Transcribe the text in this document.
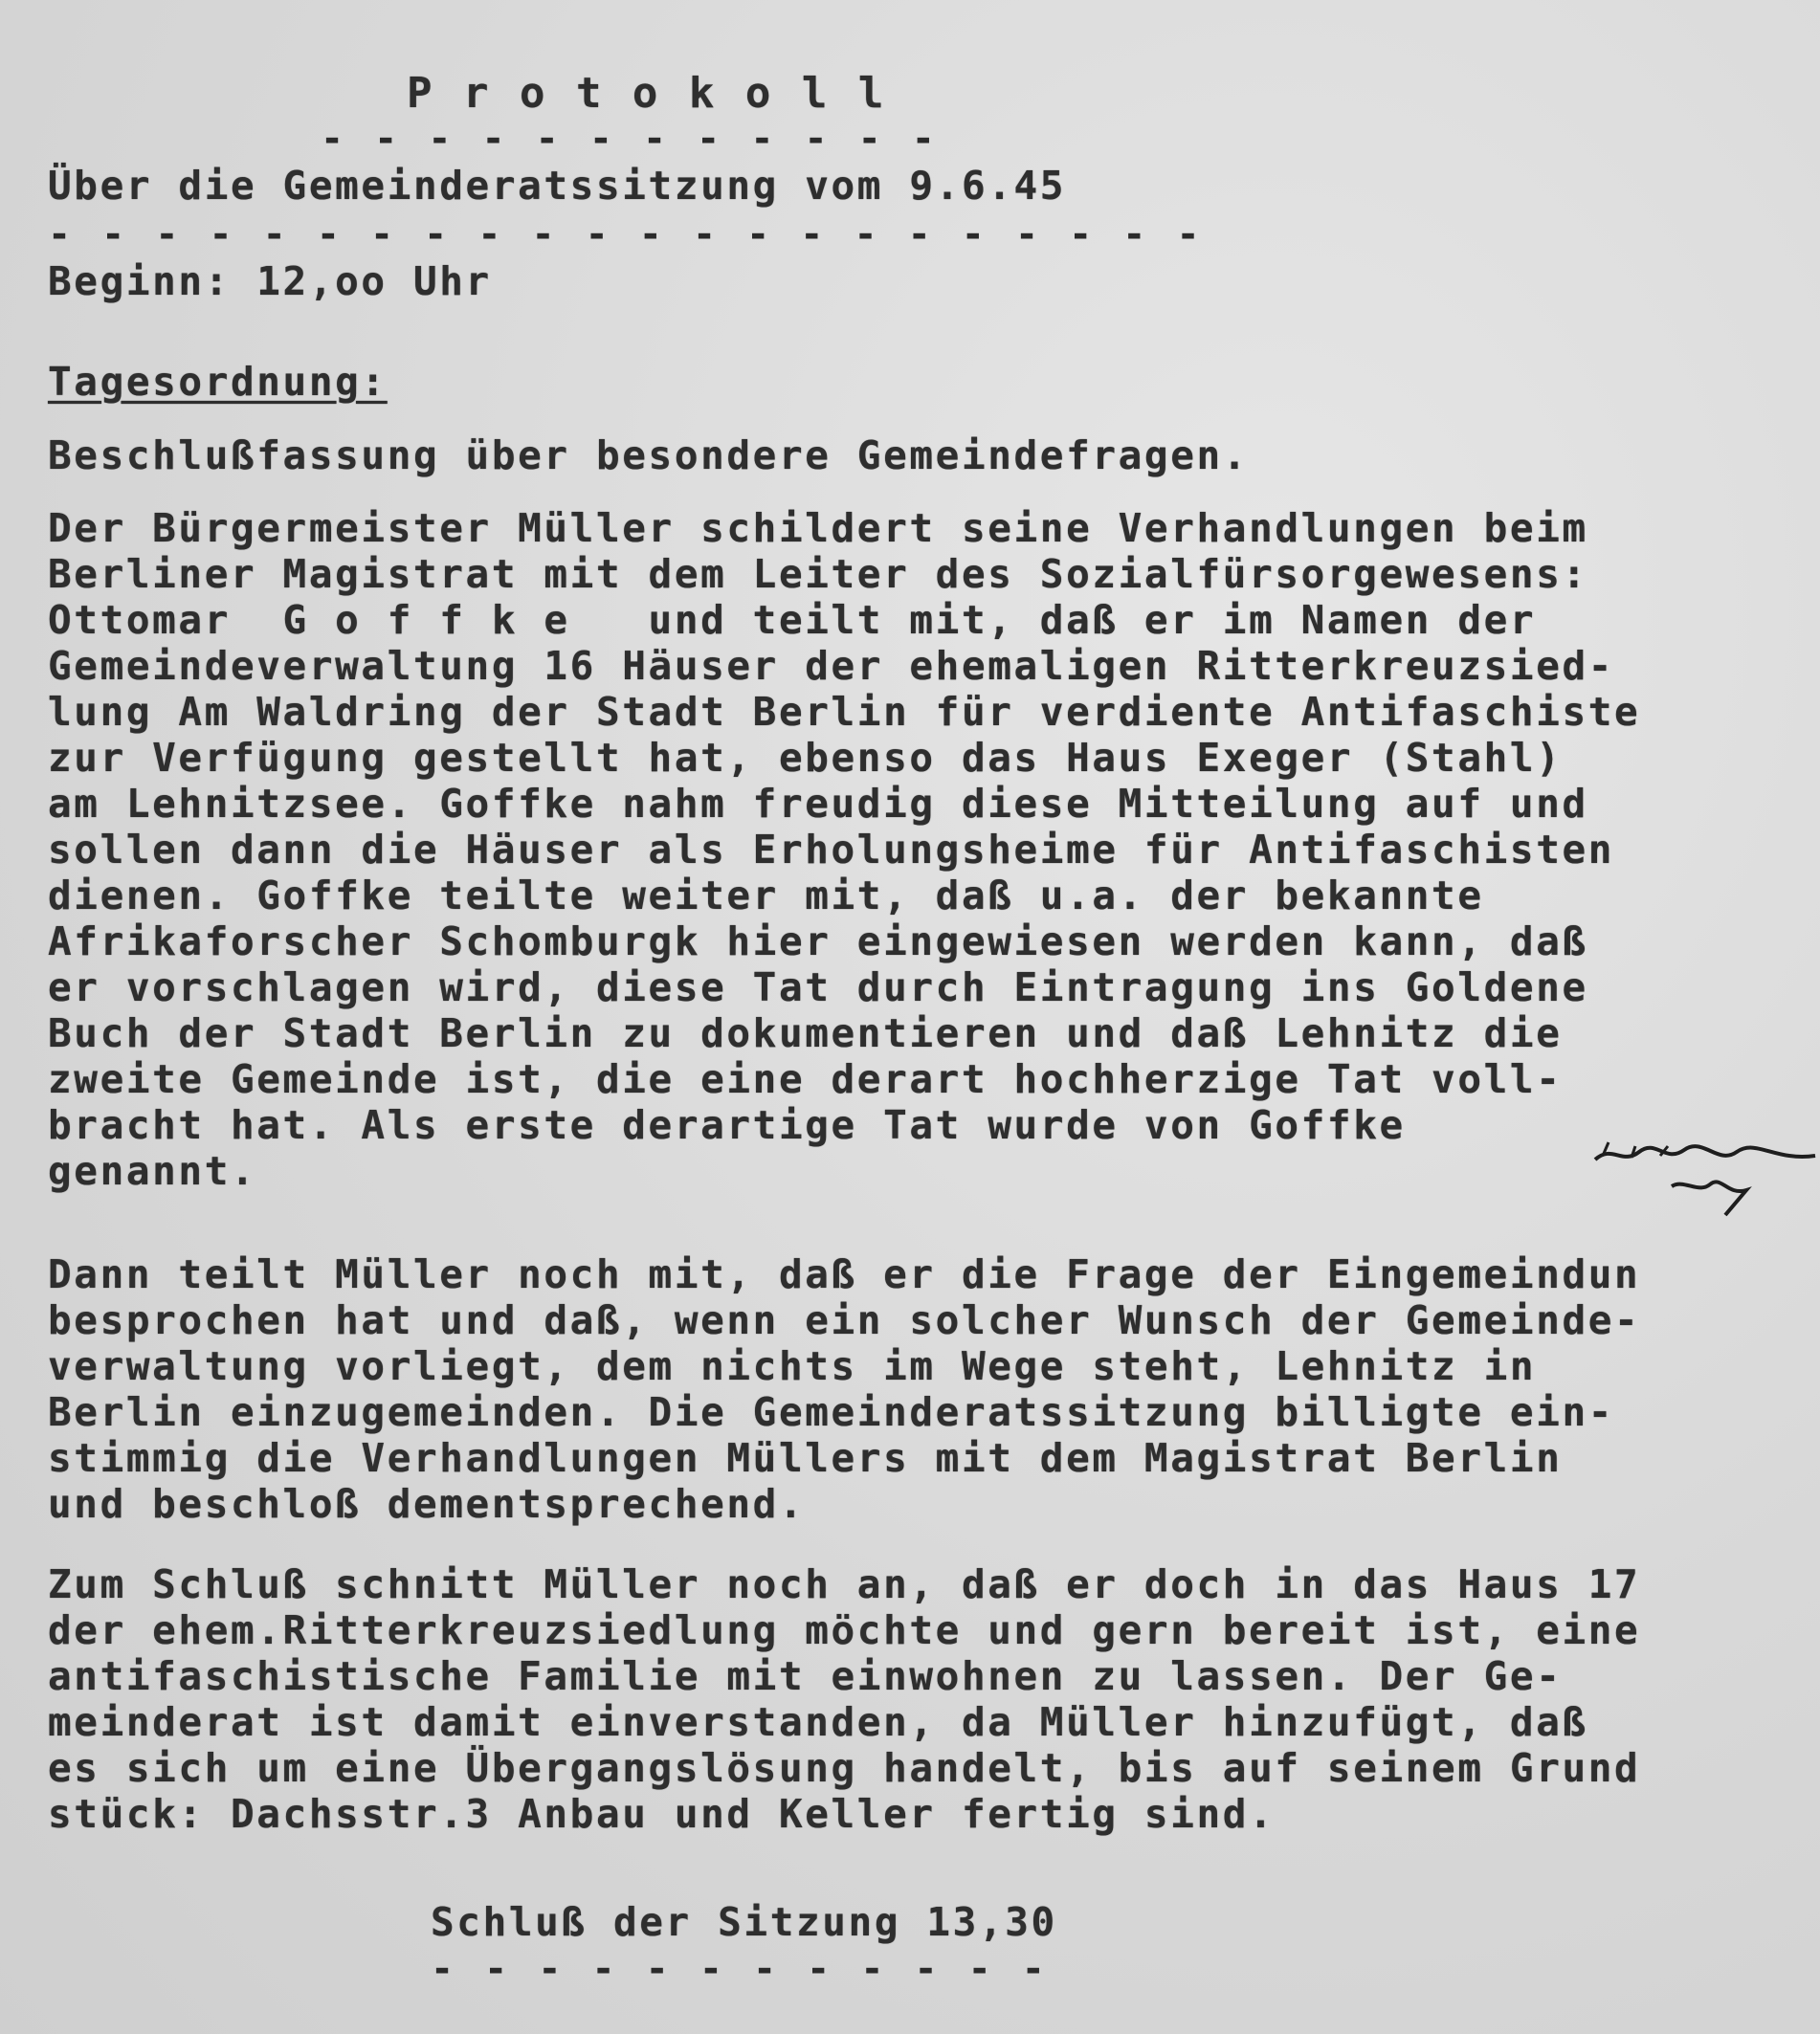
P r o t o k o l l
- - - - - - - - - - - -
Über die Gemeinderatssitzung vom 9.6.45
- - - - - - - - - - - - - - - - - - - - - -
Beginn: 12,oo Uhr
Tagesordnung:
Beschlußfassung über besondere Gemeindefragen.
Der Bürgermeister Müller schildert seine Verhandlungen beim
Berliner Magistrat mit dem Leiter des Sozialfürsorgewesens:
Ottomar  G o f f k e   und teilt mit, daß er im Namen der
Gemeindeverwaltung 16 Häuser der ehemaligen Ritterkreuzsied-
lung Am Waldring der Stadt Berlin für verdiente Antifaschiste
zur Verfügung gestellt hat, ebenso das Haus Exeger (Stahl)
am Lehnitzsee. Goffke nahm freudig diese Mitteilung auf und
sollen dann die Häuser als Erholungsheime für Antifaschisten
dienen. Goffke teilte weiter mit, daß u.a. der bekannte
Afrikaforscher Schomburgk hier eingewiesen werden kann, daß
er vorschlagen wird, diese Tat durch Eintragung ins Goldene
Buch der Stadt Berlin zu dokumentieren und daß Lehnitz die
zweite Gemeinde ist, die eine derart hochherzige Tat voll-
bracht hat. Als erste derartige Tat wurde von Goffke
genannt.
Dann teilt Müller noch mit, daß er die Frage der Eingemeindun
besprochen hat und daß, wenn ein solcher Wunsch der Gemeinde-
verwaltung vorliegt, dem nichts im Wege steht, Lehnitz in
Berlin einzugemeinden. Die Gemeinderatssitzung billigte ein-
stimmig die Verhandlungen Müllers mit dem Magistrat Berlin
und beschloß dementsprechend.
Zum Schluß schnitt Müller noch an, daß er doch in das Haus 17
der ehem.Ritterkreuzsiedlung möchte und gern bereit ist, eine
antifaschistische Familie mit einwohnen zu lassen. Der Ge-
meinderat ist damit einverstanden, da Müller hinzufügt, daß
es sich um eine Übergangslösung handelt, bis auf seinem Grund
stück: Dachsstr.3 Anbau und Keller fertig sind.
Schluß der Sitzung 13,30
- - - - - - - - - - - -
